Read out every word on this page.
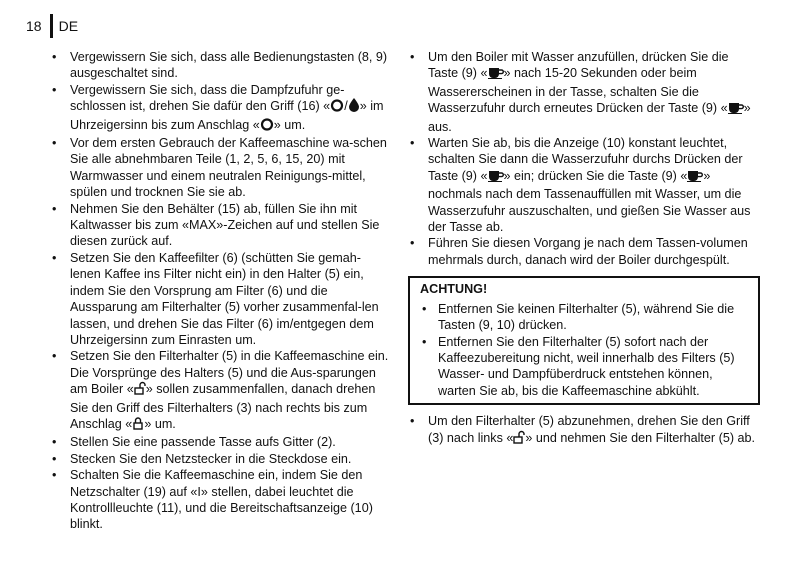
18 DE
• Vergewissern Sie sich, dass alle Bedienungstasten (8, 9) ausgeschaltet sind.
• Vergewissern Sie sich, dass die Dampfzufuhr ge-schlossen ist, drehen Sie dafür den Griff (16) « / » im Uhrzeigersinn bis zum Anschlag « » um.
• Vor dem ersten Gebrauch der Kaffeemaschine wa-schen Sie alle abnehmbaren Teile (1, 2, 5, 6, 15, 20) mit Warmwasser und einem neutralen Reinigungs-mittel, spülen und trocknen Sie sie ab.
• Nehmen Sie den Behälter (15) ab, füllen Sie ihn mit Kaltwasser bis zum «MAX»-Zeichen auf und stellen Sie diesen zurück auf.
• Setzen Sie den Kaffeefilter (6) (schütten Sie gemah-lenen Kaffee ins Filter nicht ein) in den Halter (5) ein, indem Sie den Vorsprung am Filter (6) und die Aussparung am Filterhalter (5) vorher zusammenfal-len lassen, und drehen Sie das Filter (6) im/entgegen dem Uhrzeigersinn zum Einrasten um.
• Setzen Sie den Filterhalter (5) in die Kaffeemaschine ein. Die Vorsprünge des Halters (5) und die Aus-sparungen am Boiler « » sollen zusammenfallen, danach drehen Sie den Griff des Filterhalters (3) nach rechts bis zum Anschlag « » um.
• Stellen Sie eine passende Tasse aufs Gitter (2).
• Stecken Sie den Netzstecker in die Steckdose ein.
• Schalten Sie die Kaffeemaschine ein, indem Sie den Netzschalter (19) auf «I» stellen, dabei leuchtet die Kontrollleuchte (11), und die Bereitschaftsanzeige (10) blinkt.
• Um den Boiler mit Wasser anzufüllen, drücken Sie die Taste (9) « » nach 15-20 Sekunden oder beim Wassererscheinen in der Tasse, schalten Sie die Wasserzufuhr durch erneutes Drücken der Taste (9) « » aus.
• Warten Sie ab, bis die Anzeige (10) konstant leuchtet, schalten Sie dann die Wasserzufuhr durchs Drücken der Taste (9) « » ein; drücken Sie die Taste (9) « » nochmals nach dem Tassenauffüllen mit Wasser, um die Wasserzufuhr auszuschalten, und gießen Sie Wasser aus der Tasse ab.
• Führen Sie diesen Vorgang je nach dem Tassen-volumen mehrmals durch, danach wird der Boiler durchgespült.
ACHTUNG!
• Entfernen Sie keinen Filterhalter (5), während Sie die Tasten (9, 10) drücken.
• Entfernen Sie den Filterhalter (5) sofort nach der Kaffeezubereitung nicht, weil innerhalb des Filters (5) Wasser- und Dampfüberdruck entstehen können, warten Sie ab, bis die Kaffeemaschine abkühlt.
• Um den Filterhalter (5) abzunehmen, drehen Sie den Griff (3) nach links « » und nehmen Sie den Filterhalter (5) ab.
